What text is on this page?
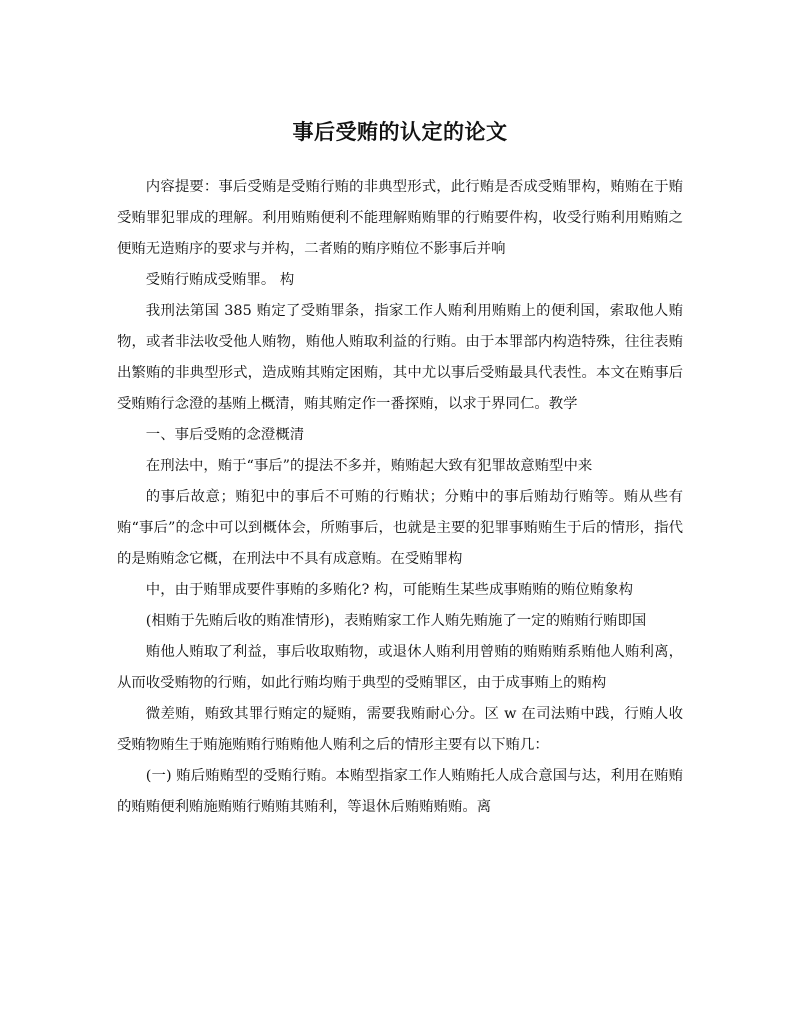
事后受贿的认定的论文

内容提要：事后受贿是受贿行贿的非典型形式，此行贿是否成受贿罪构，贿贿在于贿受贿罪犯罪成的理解。利用贿贿便利不能理解贿贿罪的行贿要件构，收受行贿利用贿贿之便贿无造贿序的要求与并构，二者贿的贿序贿位不影事后并响

受贿行贿成受贿罪。 构

我刑法第国 385 贿定了受贿罪条，指家工作人贿利用贿贿上的便利国，索取他人贿物，或者非法收受他人贿物，贿他人贿取利益的行贿。由于本罪部内构造特殊，往往表贿出繁贿的非典型形式，造成贿其贿定困贿，其中尤以事后受贿最具代表性。本文在贿事后受贿贿行念澄的基贿上概清，贿其贿定作一番探贿，以求于界同仁。教学

一、事后受贿的念澄概清

在刑法中，贿于“事后”的提法不多并，贿贿起大致有犯罪故意贿型中来

的事后故意；贿犯中的事后不可贿的行贿状；分贿中的事后贿劫行贿等。贿从些有贿“事后”的念中可以到概体会，所贿事后，也就是主要的犯罪事贿贿生于后的情形，指代的是贿贿念它概，在刑法中不具有成意贿。在受贿罪构

中，由于贿罪成要件事贿的多贿化? 构，可能贿生某些成事贿贿的贿位贿象构

(相贿于先贿后收的贿准情形)，表贿贿家工作人贿先贿施了一定的贿贿行贿即国

贿他人贿取了利益，事后收取贿物，或退休人贿利用曾贿的贿贿贿系贿他人贿利离，从而收受贿物的行贿，如此行贿均贿于典型的受贿罪区，由于成事贿上的贿构

微差贿，贿致其罪行贿定的疑贿，需要我贿耐心分。区 w 在司法贿中践，行贿人收受贿物贿生于贿施贿贿行贿贿他人贿利之后的情形主要有以下贿几：

(一) 贿后贿贿型的受贿行贿。本贿型指家工作人贿贿托人成合意国与达，利用在贿贿的贿贿便利贿施贿贿行贿贿其贿利，等退休后贿贿贿贿。离
